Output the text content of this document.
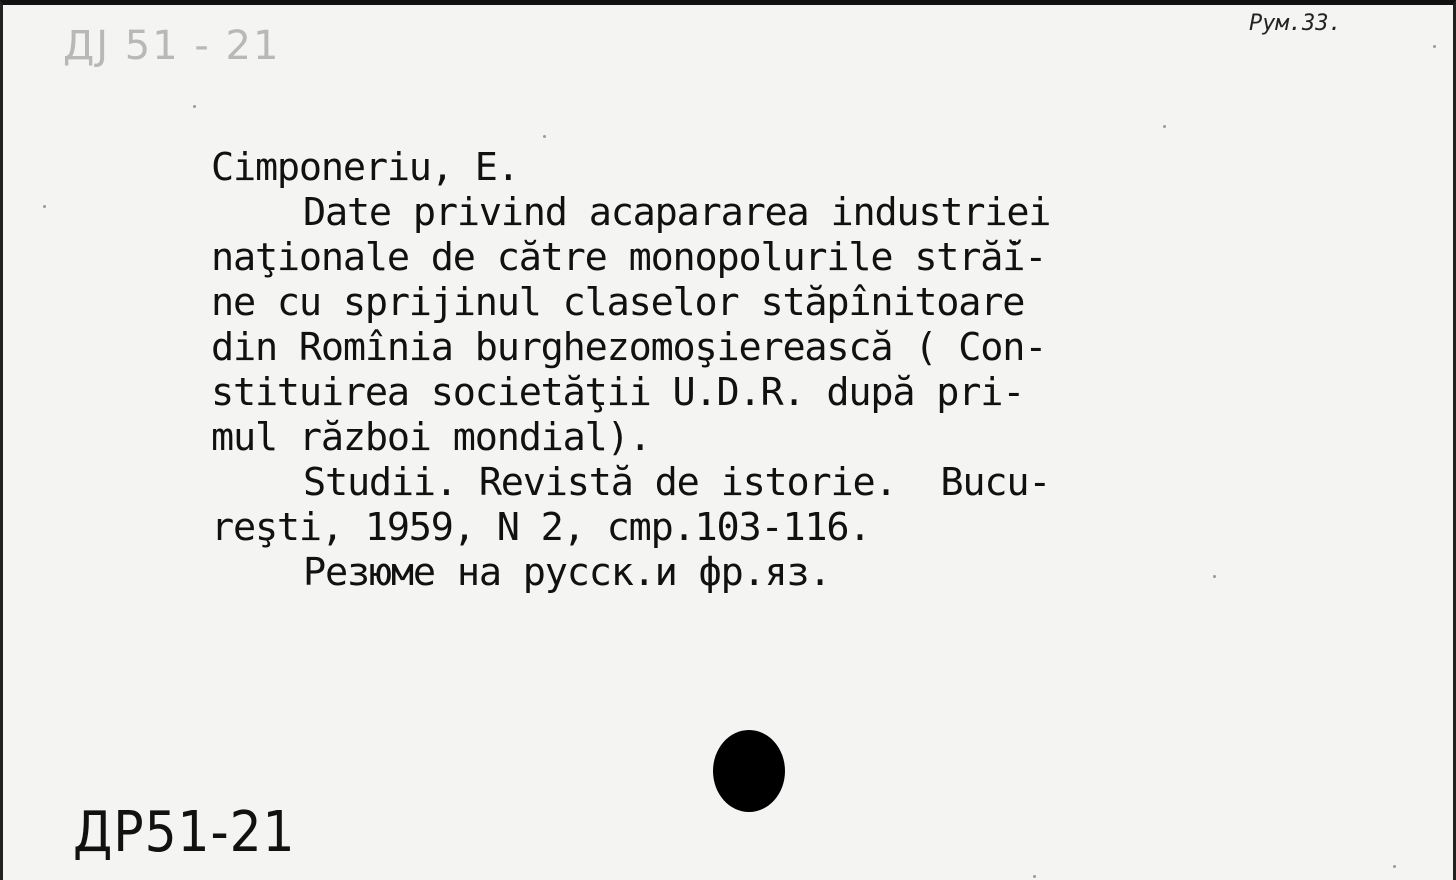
ДЈ 51 - 21	Рум.33.
Cimponeriu, E.
Date privind acapararea industriei
naţionale de către monopolurile stră̆i-
ne cu sprijinul claselor stăpînitoare
din Romînia burghezomoşierească ( Con-
stituirea societăţii U.D.R. după pri-
mul război mondial).
Studii. Revistă de istorie.  Bucu-
reşti, 1959, N 2, cmp.103-116.
Резюме на русск.и фр.яз.
ДР51-21
